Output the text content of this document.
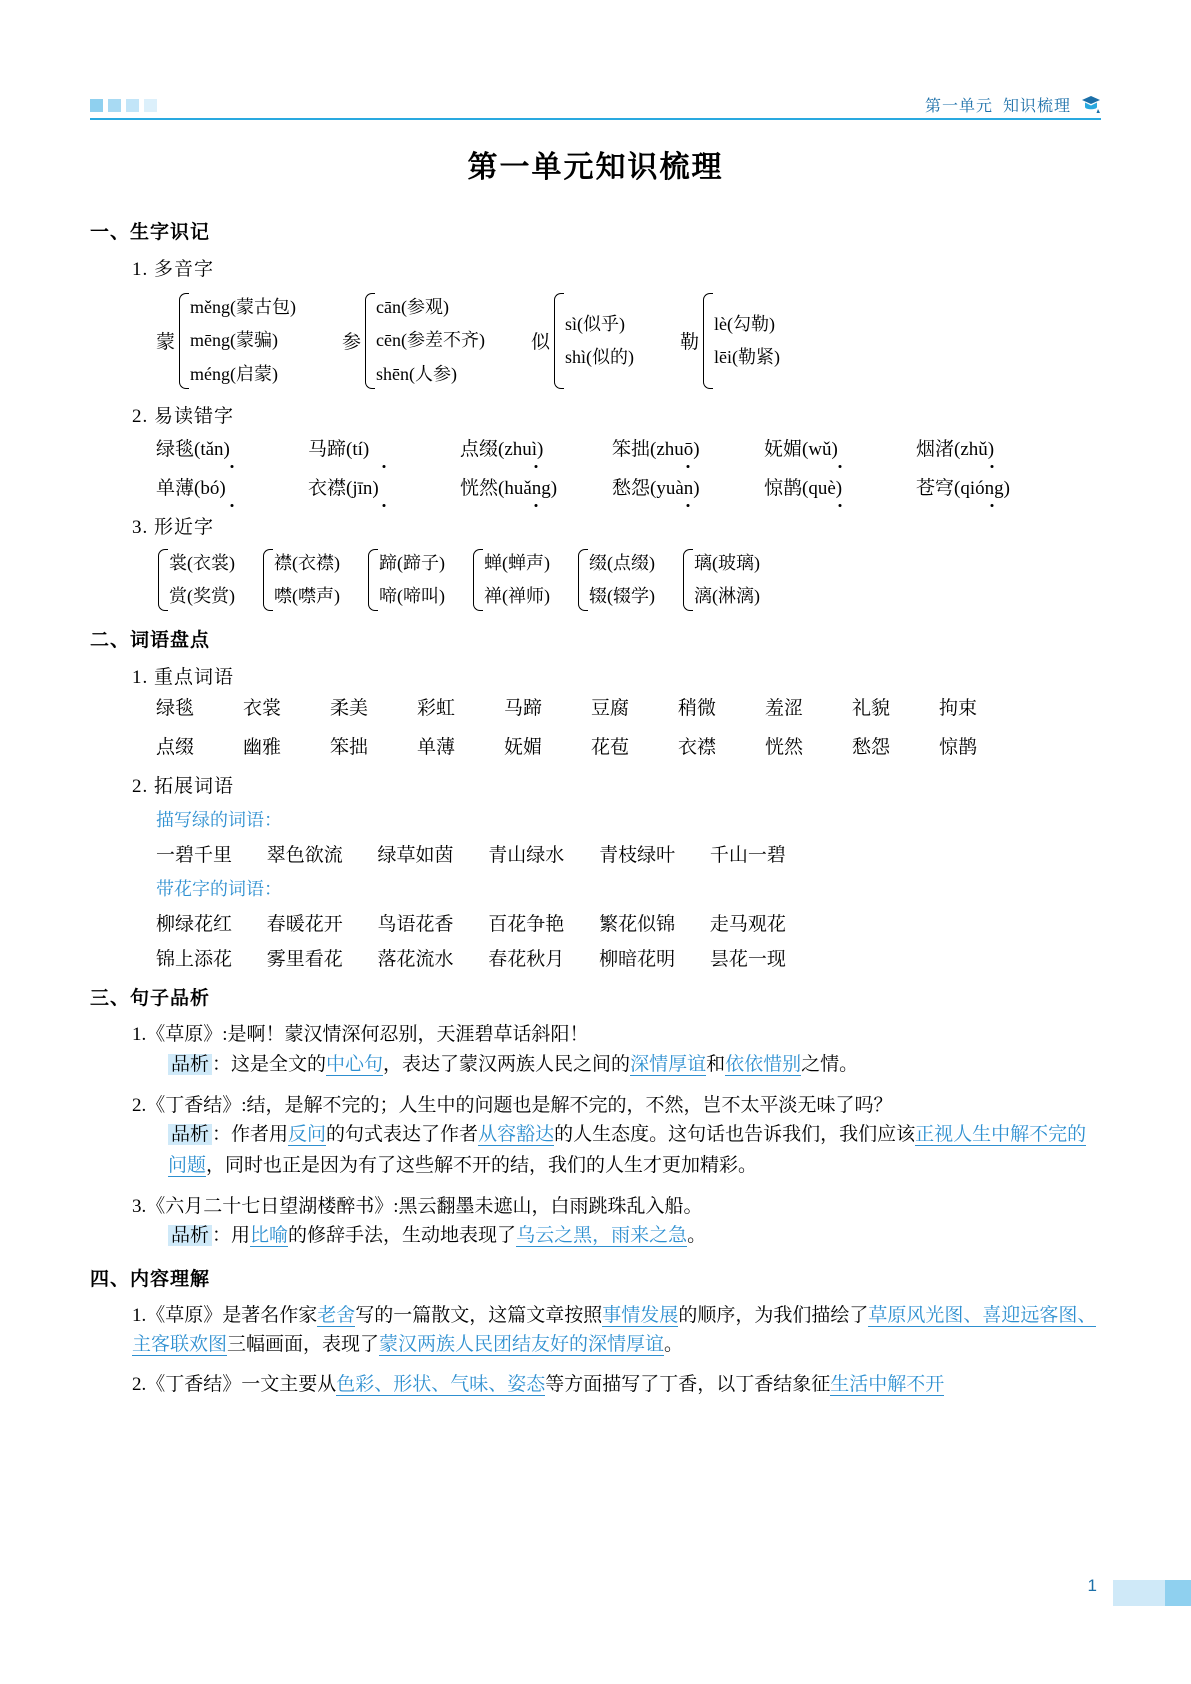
第一单元 知识梳理
第一单元知识梳理
一、生字识记
1. 多音字
蒙
měng(蒙古包)
mēng(蒙骗)
méng(启蒙)
参
cān(参观)
cēn(参差不齐)
shēn(人参)
似
sì(似乎)
shì(似的)
勒
lè(勾勒)
lēi(勒紧)
2. 易读错字
绿毯(tǎn)	马蹄(tí)	点缀(zhuì)	笨拙(zhuō)	妩媚(wǔ)	烟渚(zhǔ)
单薄(bó)	衣襟(jīn)	恍然(huǎng)	愁怨(yuàn)	惊鹊(què)	苍穹(qióng)
3. 形近字
裳(衣裳)
赏(奖赏)
襟(衣襟)
噤(噤声)
蹄(蹄子)
啼(啼叫)
蝉(蝉声)
禅(禅师)
缀(点缀)
辍(辍学)
璃(玻璃)
漓(淋漓)
二、词语盘点
1. 重点词语
绿毯	衣裳	柔美	彩虹	马蹄	豆腐	稍微	羞涩	礼貌	拘束
点缀	幽雅	笨拙	单薄	妩媚	花苞	衣襟	恍然	愁怨	惊鹊
2. 拓展词语
描写绿的词语：
一碧千里 翠色欲流 绿草如茵 青山绿水 青枝绿叶 千山一碧
带花字的词语：
柳绿花红 春暖花开 鸟语花香 百花争艳 繁花似锦 走马观花
锦上添花 雾里看花 落花流水 春花秋月 柳暗花明 昙花一现
三、句子品析
1.《草原》:是啊！蒙汉情深何忍别，天涯碧草话斜阳！
品析 ：这是全文的中心句，表达了蒙汉两族人民之间的深情厚谊和依依惜别之情。
2.《丁香结》:结，是解不完的；人生中的问题也是解不完的，不然，岂不太平淡无味了吗？
品析 ：作者用反问的句式表达了作者从容豁达的人生态度。这句话也告诉我们，我们应该正视人生中解不完的问题，同时也正是因为有了这些解不开的结，我们的人生才更加精彩。
3.《六月二十七日望湖楼醉书》:黑云翻墨未遮山，白雨跳珠乱入船。
品析 ：用比喻的修辞手法，生动地表现了乌云之黑，雨来之急。
四、内容理解
1.《草原》是著名作家老舍写的一篇散文，这篇文章按照事情发展的顺序，为我们描绘了草原风光图、喜迎远客图、主客联欢图三幅画面，表现了蒙汉两族人民团结友好的深情厚谊。
2.《丁香结》一文主要从色彩、形状、气味、姿态等方面描写了丁香，以丁香结象征生活中解不开
1
